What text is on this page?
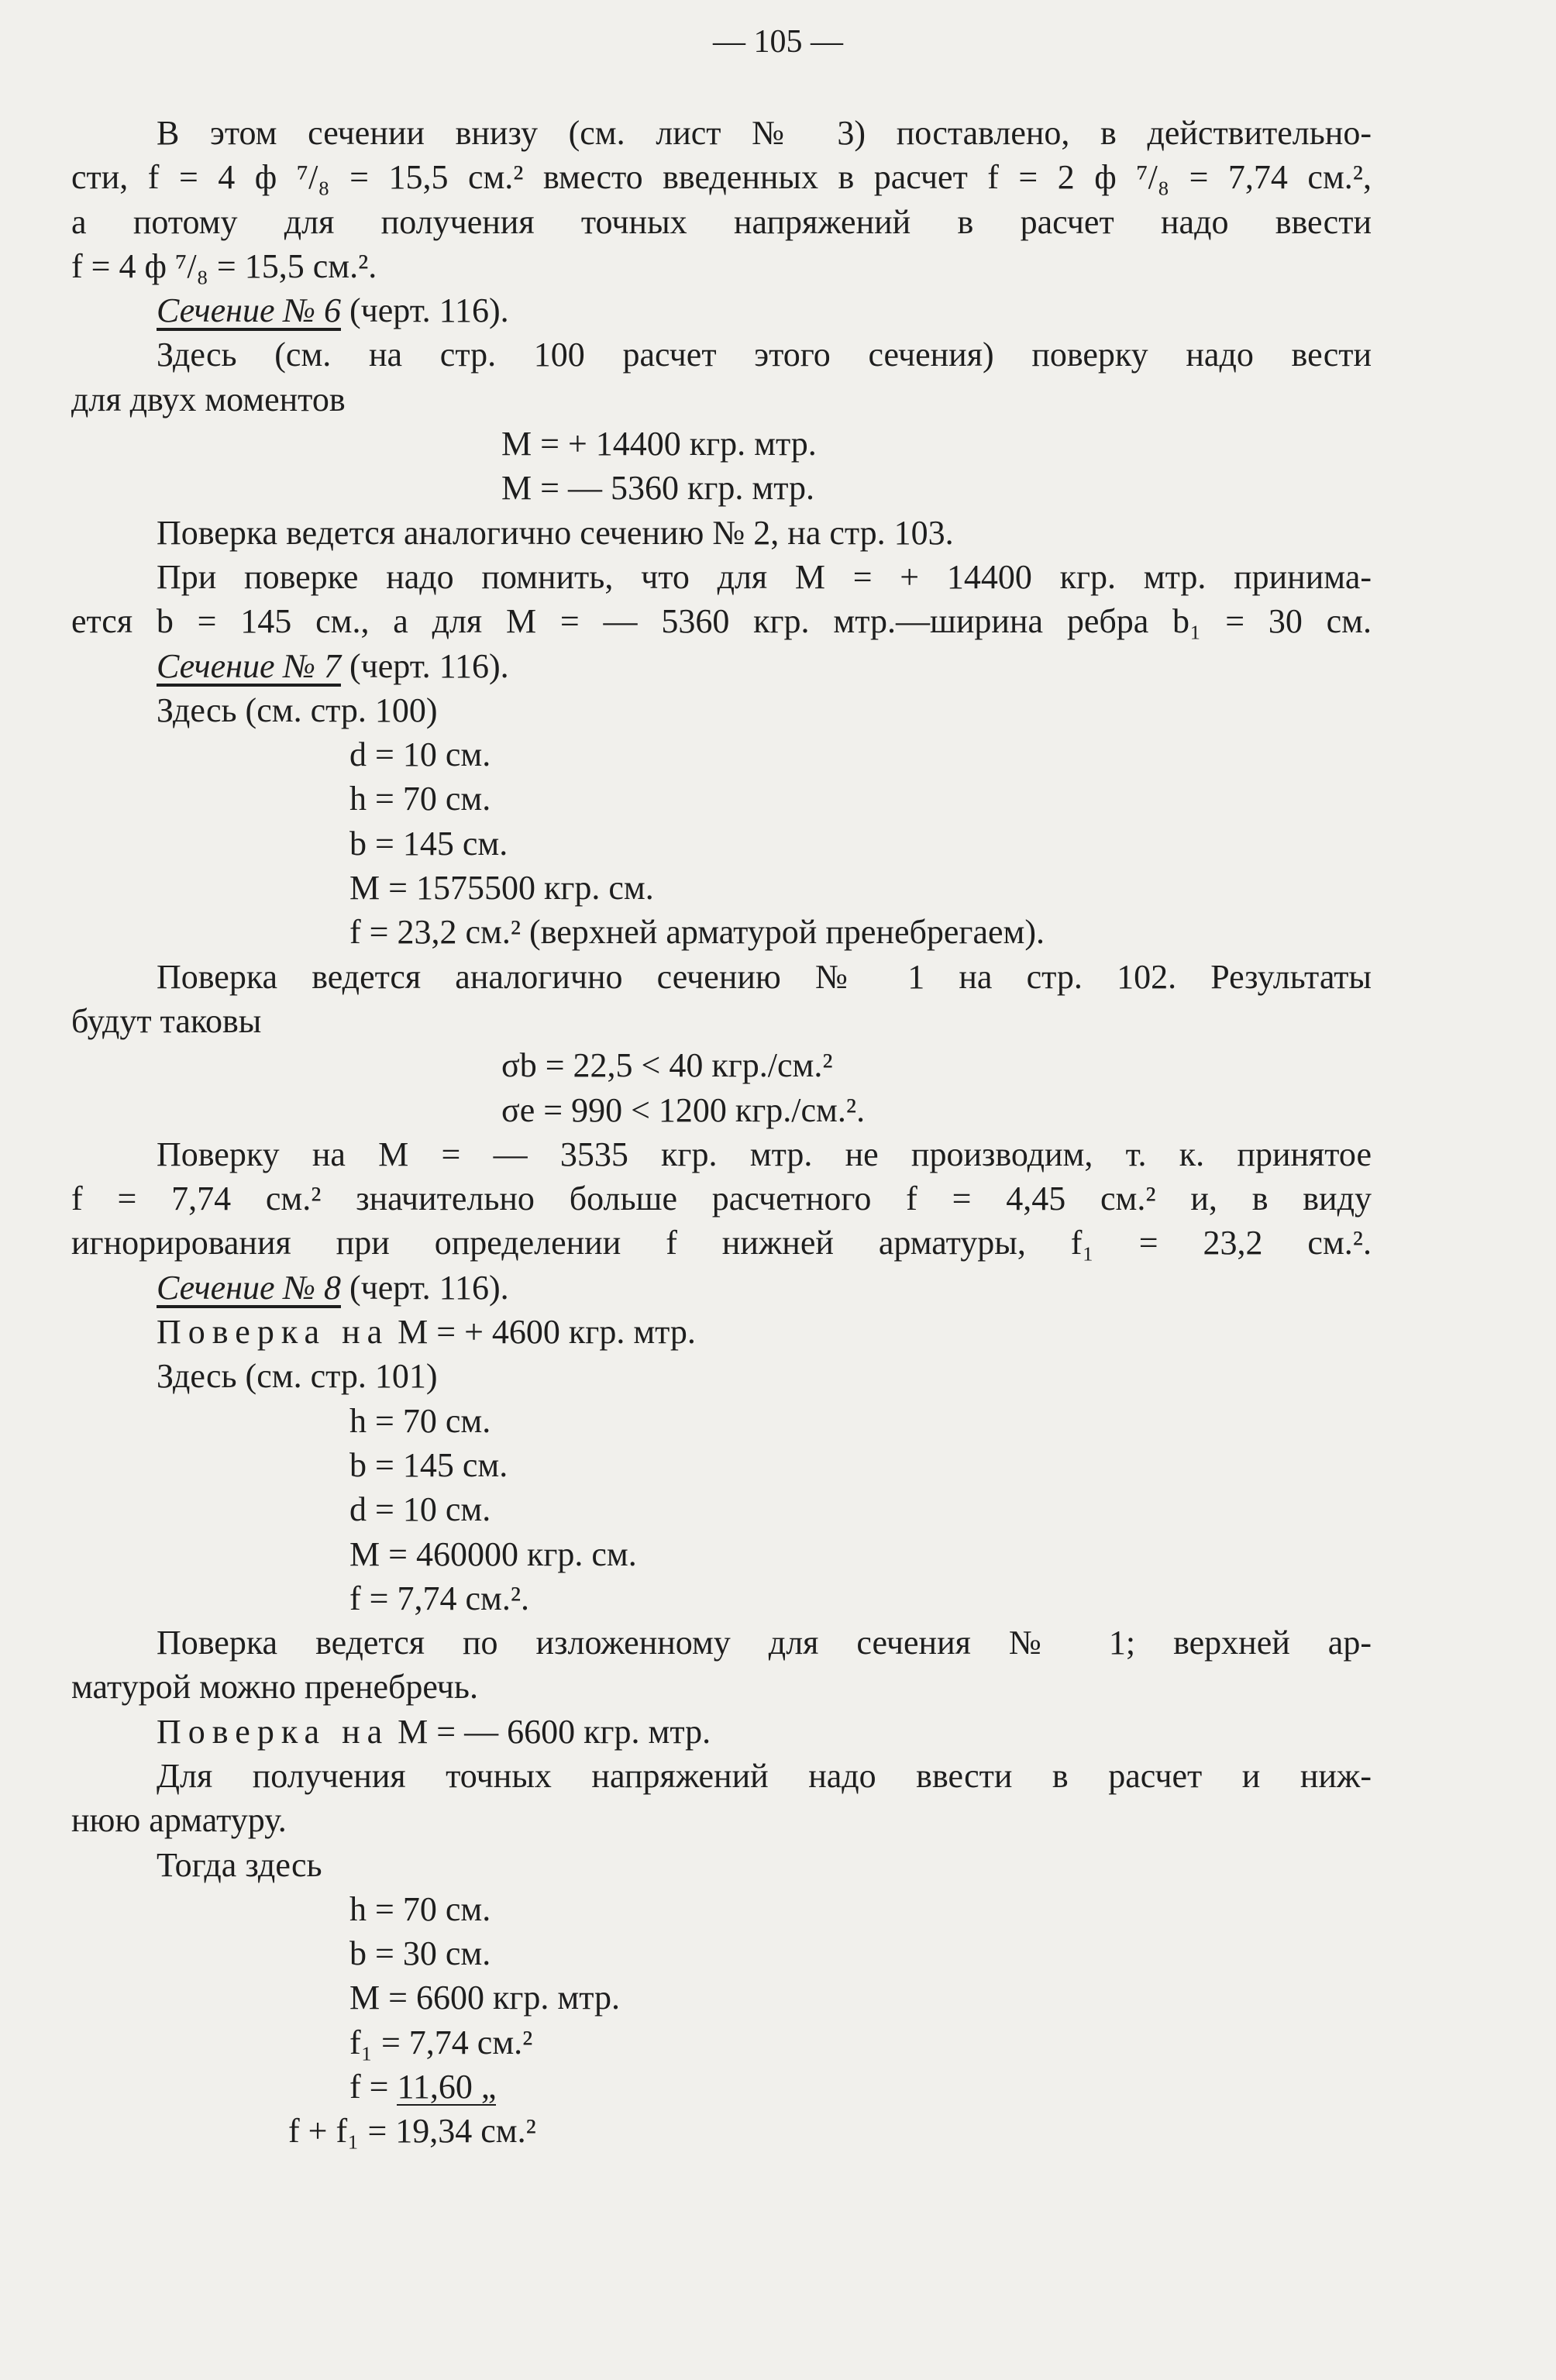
— 105 —
В этом сечении внизу (см. лист № 3) поставлено, в действительно-
сти, f = 4 ф ⁷/₈ = 15,5 см.² вместо введенных в расчет f = 2 ф ⁷/₈ = 7,74 см.²,
а потому для получения точных напряжений в расчет надо ввести
f = 4 ф ⁷/₈ = 15,5 см.².
Сечение № 6 (черт. 116).
Здесь (см. на стр. 100 расчет этого сечения) поверку надо вести
для двух моментов
M = + 14400 кгр. мтр.
M = — 5360 кгр. мтр.
Поверка ведется аналогично сечению № 2, на стр. 103.
При поверке надо помнить, что для M = + 14400 кгр. мтр. принима-
ется b = 145 см., а для M = — 5360 кгр. мтр.—ширина ребра b₁ = 30 см.
Сечение № 7 (черт. 116).
Здесь (см. стр. 100)
d = 10 см.
h = 70 см.
b = 145 см.
M = 1575500 кгр. см.
f = 23,2 см.² (верхней арматурой пренебрегаем).
Поверка ведется аналогично сечению № 1 на стр. 102. Результаты
будут таковы
σb = 22,5 < 40 кгр./см.²
σe = 990 < 1200 кгр./см.².
Поверку на M = — 3535 кгр. мтр. не производим, т. к. принятое
f = 7,74 см.² значительно больше расчетного f = 4,45 см.² и, в виду
игнорирования при определении f нижней арматуры, f₁ = 23,2 см.².
Сечение № 8 (черт. 116).
Поверка на M = + 4600 кгр. мтр.
Здесь (см. стр. 101)
h = 70 см.
b = 145 см.
d = 10 см.
M = 460000 кгр. см.
f = 7,74 см.².
Поверка ведется по изложенному для сечения № 1; верхней ар-
матурой можно пренебречь.
Поверка на M = — 6600 кгр. мтр.
Для получения точных напряжений надо ввести в расчет и ниж-
нюю арматуру.
Тогда здесь
h = 70 см.
b = 30 см.
M = 6600 кгр. мтр.
f₁ = 7,74 см.²
f = 11,60 „
f + f₁ = 19,34 см.²
